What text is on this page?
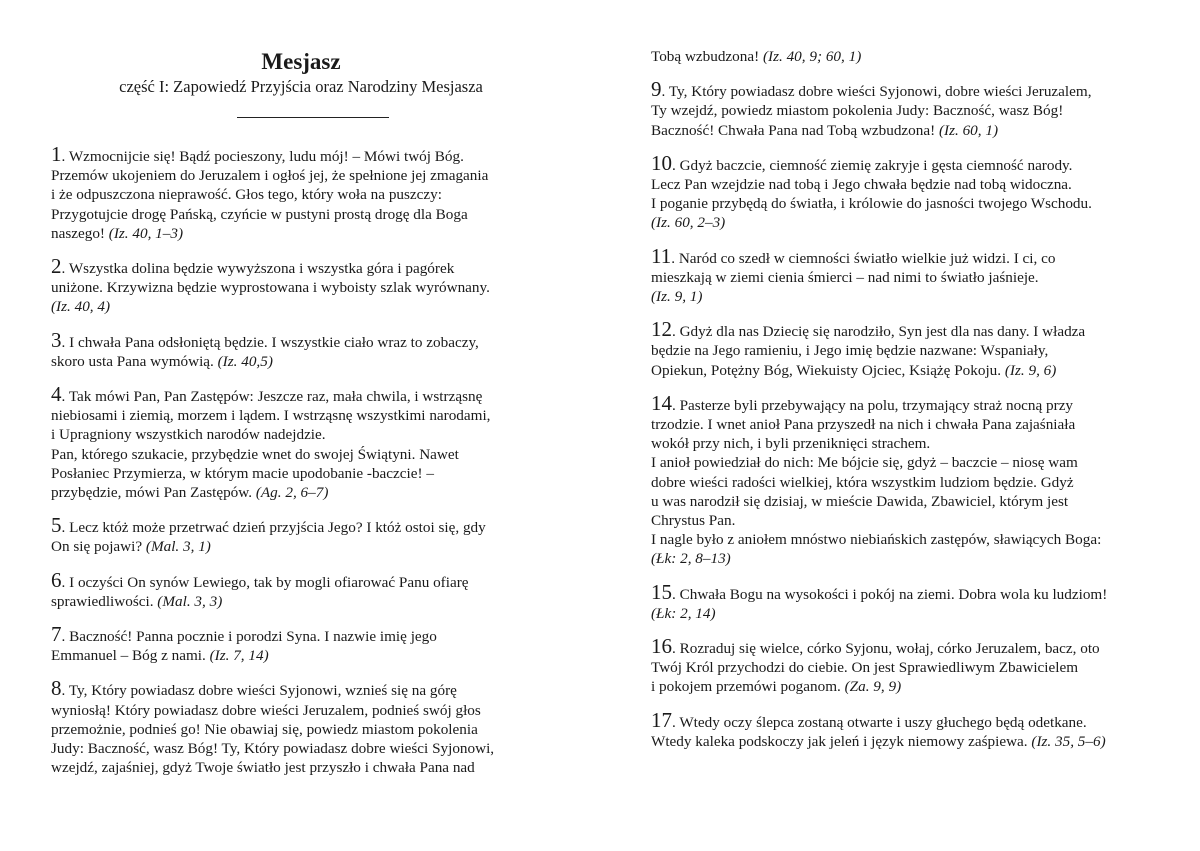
Mesjasz
część I: Zapowiedź Przyjścia oraz Narodziny Mesjasza
1. Wzmocnijcie się! Bądź pocieszony, ludu mój! – Mówi twój Bóg.
Przemów ukojeniem do Jeruzalem i ogłoś jej, że spełnione jej zmagania
i że odpuszczona nieprawość. Głos tego, który woła na puszczy:
Przygotujcie drogę Pańską, czyńcie w pustyni prostą drogę dla Boga
naszego! (Iz. 40, 1–3)
2. Wszystka dolina będzie wywyższona i wszystka góra i pagórek
uniżone. Krzywizna będzie wyprostowana i wyboisty szlak wyrównany.
(Iz. 40, 4)
3. I chwała Pana odsłoniętą będzie. I wszystkie ciało wraz to zobaczy,
skoro usta Pana wymówią. (Iz. 40,5)
4. Tak mówi Pan, Pan Zastępów: Jeszcze raz, mała chwila, i wstrząsnę
niebiosami i ziemią, morzem i lądem. I wstrząsnę wszystkimi narodami,
i Upragniony wszystkich narodów nadejdzie.
Pan, którego szukacie, przybędzie wnet do swojej Świątyni. Nawet
Posłaniec Przymierza, w którym macie upodobanie -baczcie! –
przybędzie, mówi Pan Zastępów. (Ag. 2, 6–7)
5. Lecz któż może przetrwać dzień przyjścia Jego? I któż ostoi się, gdy
On się pojawi? (Mal. 3, 1)
6. I oczyści On synów Lewiego, tak by mogli ofiarować Panu ofiarę
sprawiedliwości. (Mal. 3, 3)
7. Baczność! Panna pocznie i porodzi Syna. I nazwie imię jego
Emmanuel – Bóg z nami. (Iz. 7, 14)
8. Ty, Który powiadasz dobre wieści Syjonowi, wznieś się na górę
wyniosłą! Który powiadasz dobre wieści Jeruzalem, podnieś swój głos
przemożnie, podnieś go! Nie obawiaj się, powiedz miastom pokolenia
Judy: Baczność, wasz Bóg! Ty, Który powiadasz dobre wieści Syjonowi,
wzejdź, zajaśniej, gdyż Twoje światło jest przyszło i chwała Pana nad
Tobą wzbudzona! (Iz. 40, 9; 60, 1)
9. Ty, Który powiadasz dobre wieści Syjonowi, dobre wieści Jeruzalem,
Ty wzejdź, powiedz miastom pokolenia Judy: Baczność, wasz Bóg!
Baczność! Chwała Pana nad Tobą wzbudzona! (Iz. 60, 1)
10. Gdyż baczcie, ciemność ziemię zakryje i gęsta ciemność narody.
Lecz Pan wzejdzie nad tobą i Jego chwała będzie nad tobą widoczna.
I poganie przybędą do światła, i królowie do jasności twojego Wschodu.
(Iz. 60, 2–3)
11. Naród co szedł w ciemności światło wielkie już widzi. I ci, co
mieszkają w ziemi cienia śmierci – nad nimi to światło jaśnieje.
(Iz. 9, 1)
12. Gdyż dla nas Dziecię się narodziło, Syn jest dla nas dany. I władza
będzie na Jego ramieniu, i Jego imię będzie nazwane: Wspaniały,
Opiekun, Potężny Bóg, Wiekuisty Ojciec, Książę Pokoju. (Iz. 9, 6)
14. Pasterze byli przebywający na polu, trzymający straż nocną przy
trzodzie. I wnet anioł Pana przyszedł na nich i chwała Pana zajaśniała
wokół przy nich, i byli przeniknięci strachem.
I anioł powiedział do nich: Me bójcie się, gdyż – baczcie – niosę wam
dobre wieści radości wielkiej, która wszystkim ludziom będzie. Gdyż
u was narodził się dzisiaj, w mieście Dawida, Zbawiciel, którym jest
Chrystus Pan.
I nagle było z aniołem mnóstwo niebiańskich zastępów, sławiących Boga:
(Łk: 2, 8–13)
15. Chwała Bogu na wysokości i pokój na ziemi. Dobra wola ku ludziom!
(Łk: 2, 14)
16. Rozraduj się wielce, córko Syjonu, wołaj, córko Jeruzalem, bacz, oto
Twój Król przychodzi do ciebie. On jest Sprawiedliwym Zbawicielem
i pokojem przemówi poganom. (Za. 9, 9)
17. Wtedy oczy ślepca zostaną otwarte i uszy głuchego będą odetkane.
Wtedy kaleka podskoczy jak jeleń i język niemowy zaśpiewa. (Iz. 35, 5–6)
